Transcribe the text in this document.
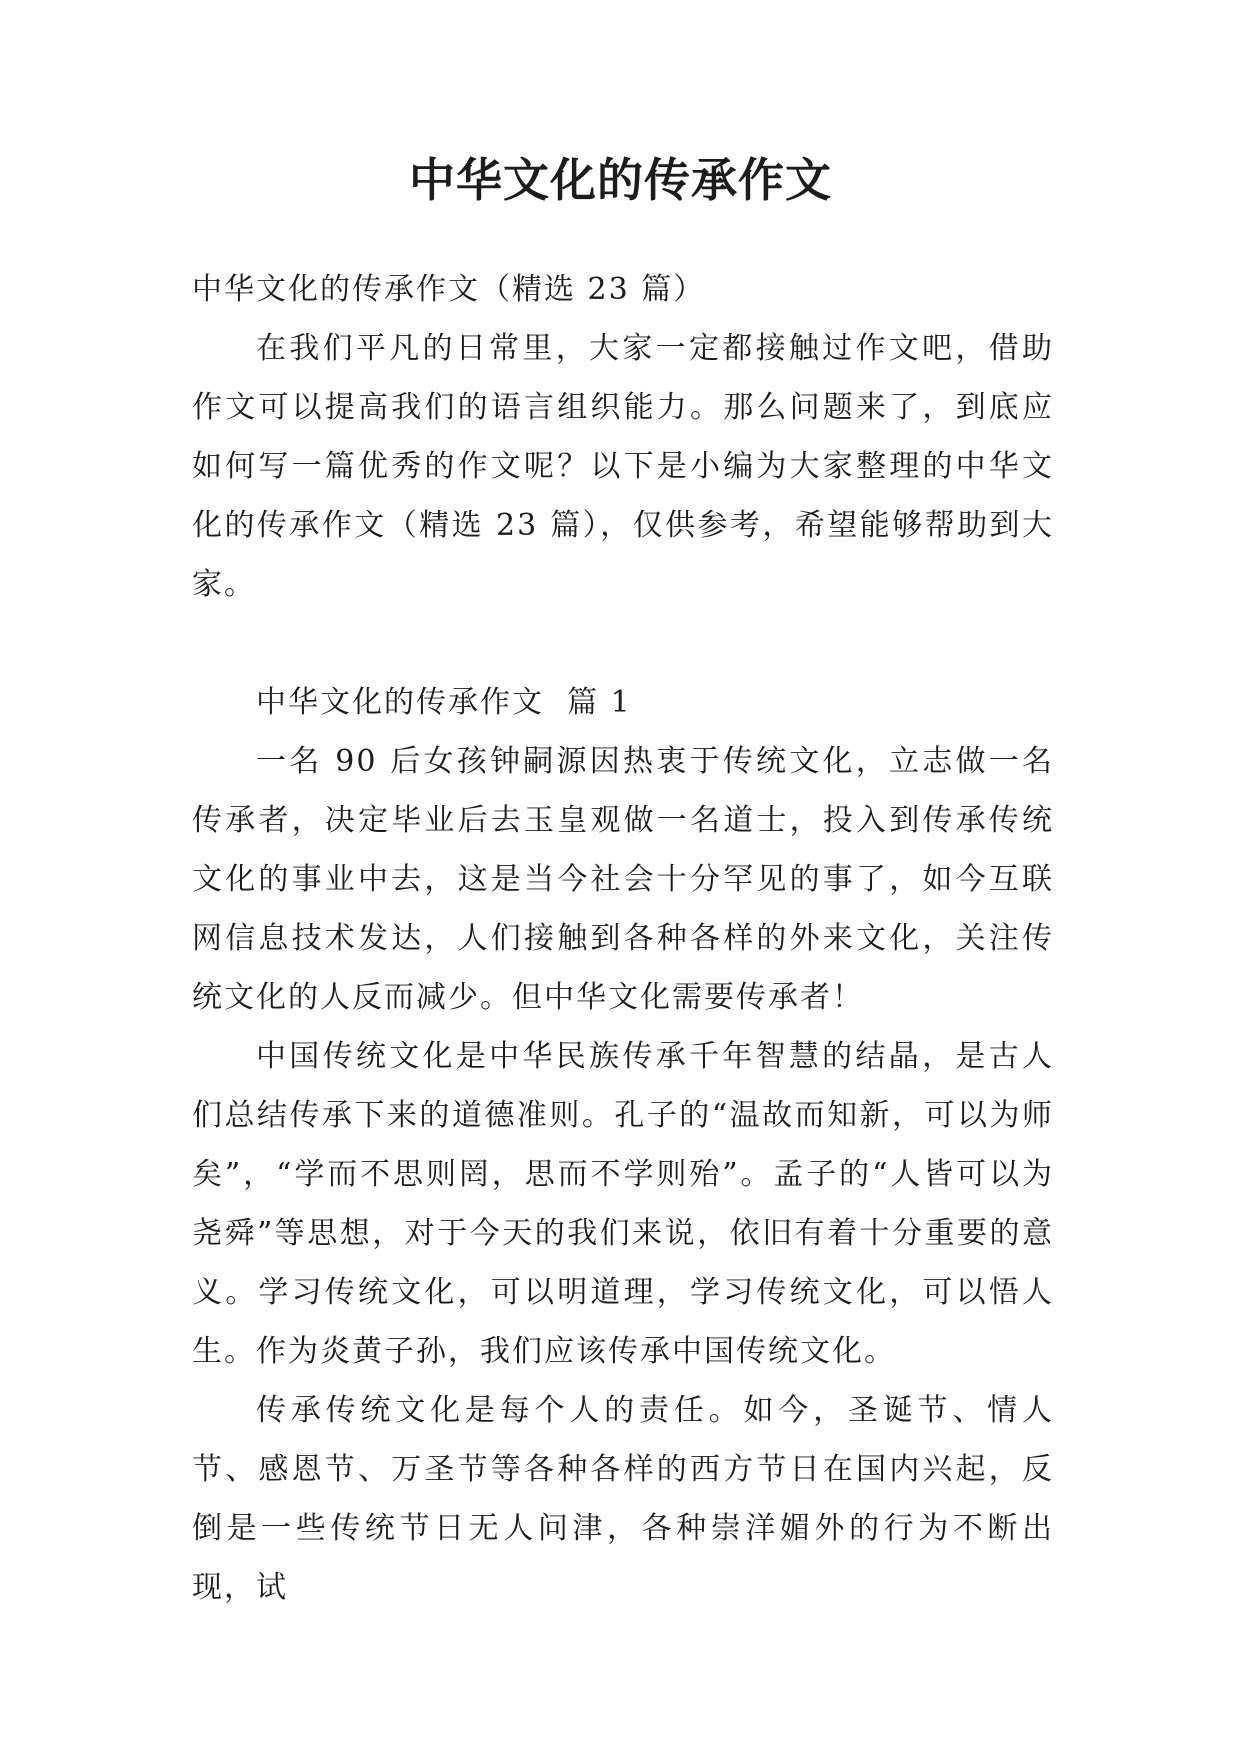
中华文化的传承作文

中华文化的传承作文（精选 23 篇）

在我们平凡的日常里，大家一定都接触过作文吧，借助作文可以提高我们的语言组织能力。那么问题来了，到底应如何写一篇优秀的作文呢？以下是小编为大家整理的中华文化的传承作文（精选 23 篇），仅供参考，希望能够帮助到大家。

中华文化的传承作文  篇 1

一名 90 后女孩钟嗣源因热衷于传统文化，立志做一名传承者，决定毕业后去玉皇观做一名道士，投入到传承传统文化的事业中去，这是当今社会十分罕见的事了，如今互联网信息技术发达，人们接触到各种各样的外来文化，关注传统文化的人反而减少。但中华文化需要传承者！

中国传统文化是中华民族传承千年智慧的结晶，是古人们总结传承下来的道德准则。孔子的“温故而知新，可以为师矣”，“学而不思则罔，思而不学则殆”。孟子的“人皆可以为尧舜”等思想，对于今天的我们来说，依旧有着十分重要的意义。学习传统文化，可以明道理，学习传统文化，可以悟人生。作为炎黄子孙，我们应该传承中国传统文化。

传承传统文化是每个人的责任。如今，圣诞节、情人节、感恩节、万圣节等各种各样的西方节日在国内兴起，反倒是一些传统节日无人问津，各种崇洋媚外的行为不断出现，试
